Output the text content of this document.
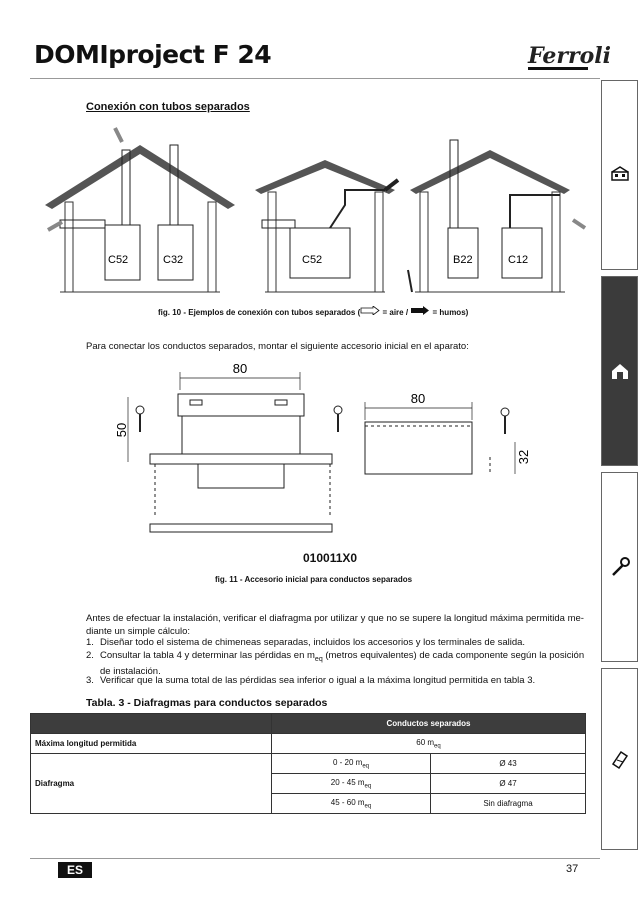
DOMIproject F 24	Ferroli
Conexión con tubos separados
C52	C32	C52	B22	C12
fig. 10 - Ejemplos de conexión con tubos separados (	= aire /	= humos)
Para conectar los conductos separados, montar el siguiente accesorio inicial en el aparato:
80
50
80
32
010011X0
fig. 11 - Accesorio inicial para conductos separados
Antes de efectuar la instalación, verificar el diafragma por utilizar y que no se supere la longitud máxima permitida me-
diante un simple cálculo:
1. Diseñar todo el sistema de chimeneas separadas, incluidos los accesorios y los terminales de salida.
2. Consultar la tabla 4 y determinar las pérdidas en $m_{eq}$ (metros equivalentes) de cada componente según la posición
de instalación.
3. Verificar que la suma total de las pérdidas sea inferior o igual a la máxima longitud permitida en tabla 3.
Tabla. 3 - Diafragmas para conductos separados
	Conductos separados	
Máxima longitud permitida	60 $m_{eq}$
Diafragma	0 - 20 $m_{eq}$	Ø 43
	20 - 45 $m_{eq}$	Ø 47
	45 - 60 $m_{eq}$	Sin diafragma
ES	37
